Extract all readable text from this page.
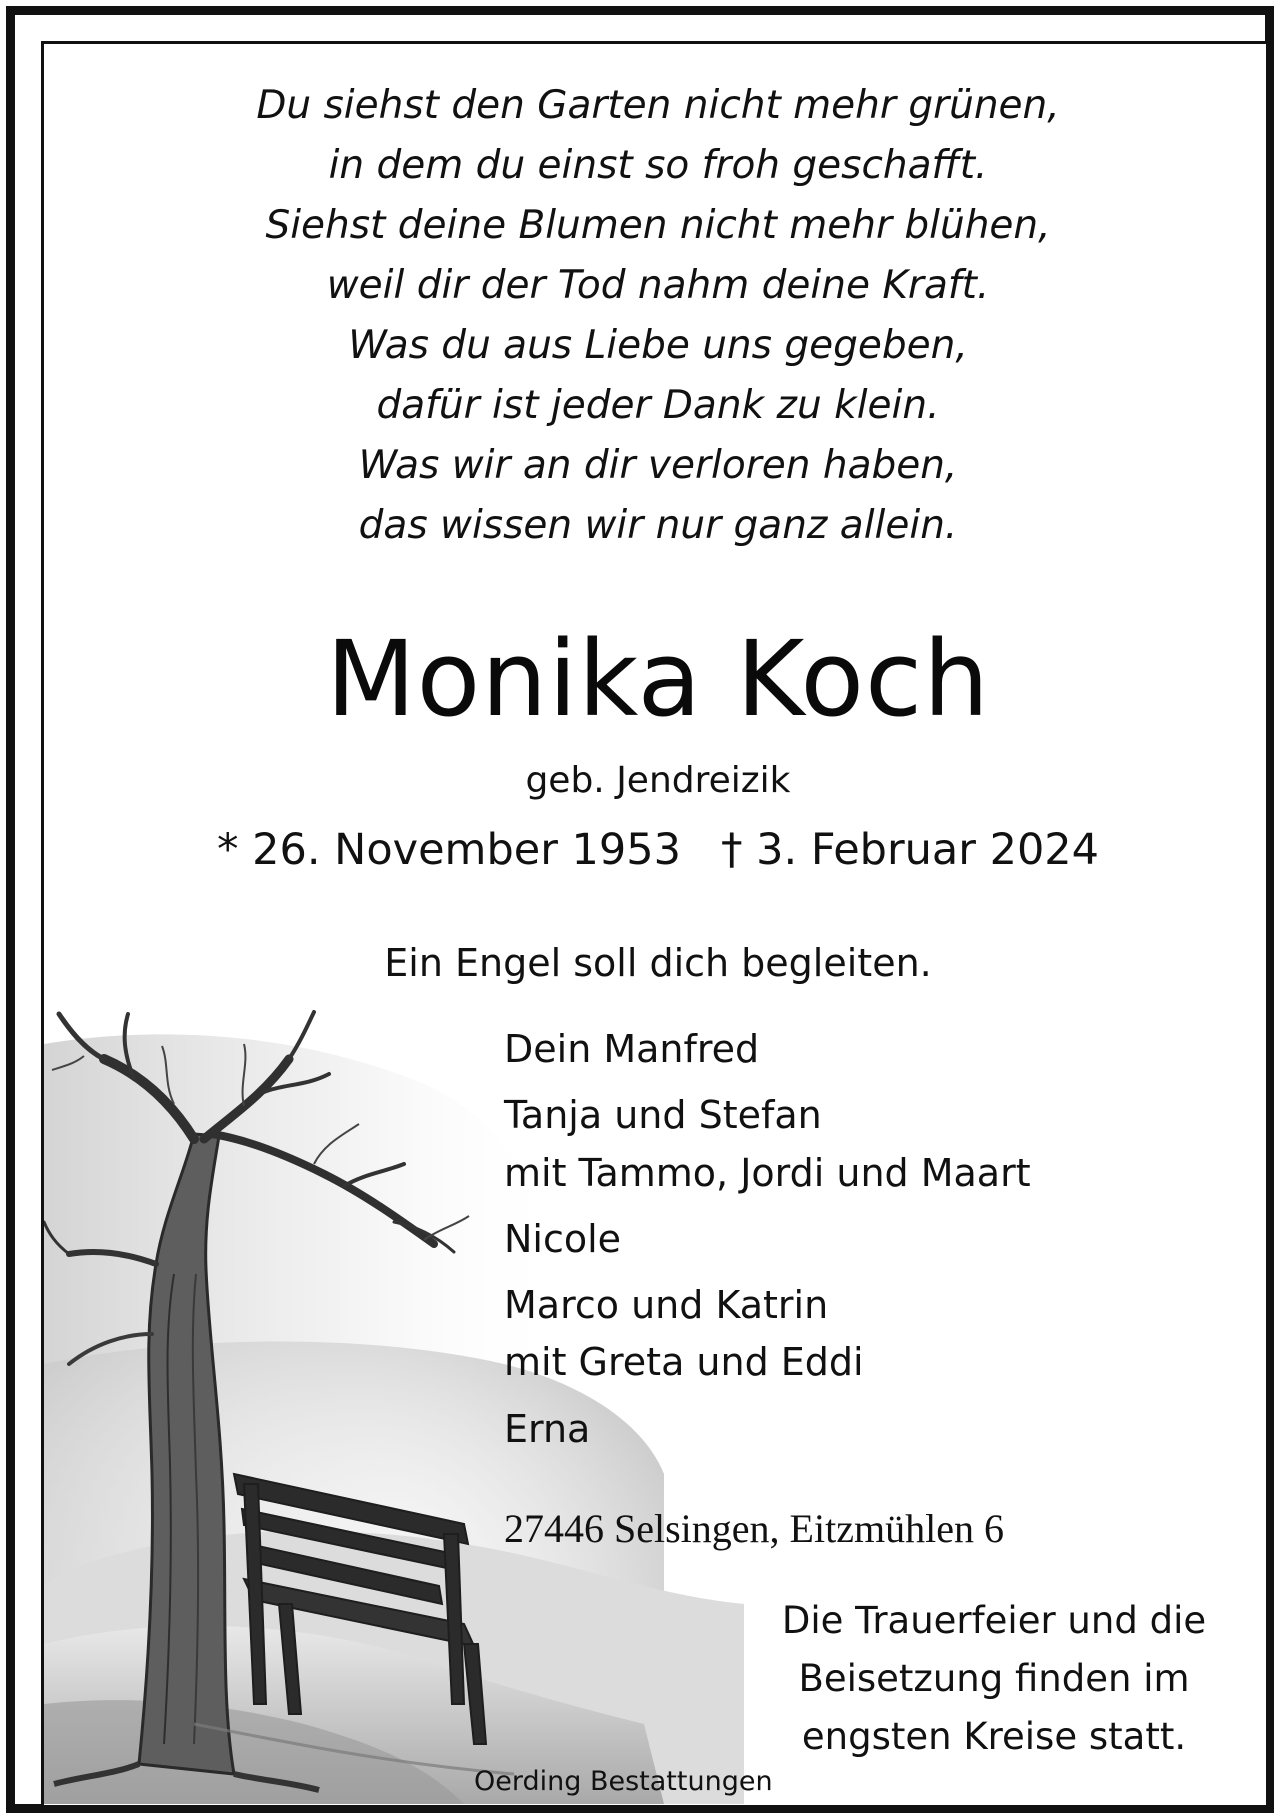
Du siehst den Garten nicht mehr grünen,
in dem du einst so froh geschafft.
Siehst deine Blumen nicht mehr blühen,
weil dir der Tod nahm deine Kraft.
Was du aus Liebe uns gegeben,
dafür ist jeder Dank zu klein.
Was wir an dir verloren haben,
das wissen wir nur ganz allein.
Monika Koch
geb. Jendreizik
* 26. November 1953 † 3. Februar 2024
Ein Engel soll dich begleiten.
Dein Manfred
Tanja und Stefan
mit Tammo, Jordi und Maart
Nicole
Marco und Katrin
mit Greta und Eddi
Erna
27446 Selsingen, Eitzmühlen 6
Die Trauerfeier und die
Beisetzung finden im
engsten Kreise statt.
Oerding Bestattungen
